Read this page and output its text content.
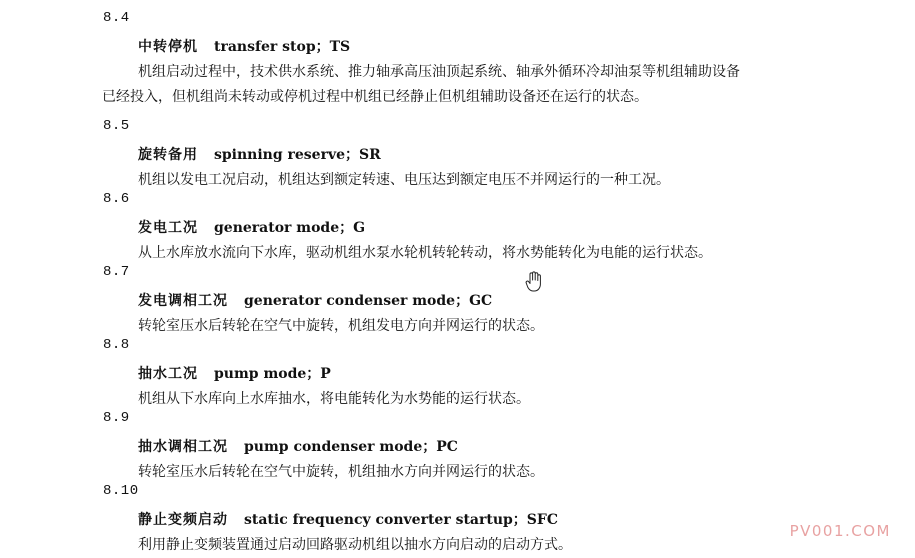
8.4
中转停机 transfer stop；TS
机组启动过程中，技术供水系统、推力轴承高压油顶起系统、轴承外循环冷却油泵等机组辅助设备
已经投入，但机组尚未转动或停机过程中机组已经静止但机组辅助设备还在运行的状态。
8.5
旋转备用 spinning reserve；SR
机组以发电工况启动，机组达到额定转速、电压达到额定电压不并网运行的一种工况。
8.6
发电工况 generator mode；G
从上水库放水流向下水库，驱动机组水泵水轮机转轮转动，将水势能转化为电能的运行状态。
8.7
发电调相工况 generator condenser mode；GC
转轮室压水后转轮在空气中旋转，机组发电方向并网运行的状态。
8.8
抽水工况 pump mode；P
机组从下水库向上水库抽水，将电能转化为水势能的运行状态。
8.9
抽水调相工况 pump condenser mode；PC
转轮室压水后转轮在空气中旋转，机组抽水方向并网运行的状态。
8.10
静止变频启动 static frequency converter startup；SFC
利用静止变频装置通过启动回路驱动机组以抽水方向启动的启动方式。
PV001.COM
